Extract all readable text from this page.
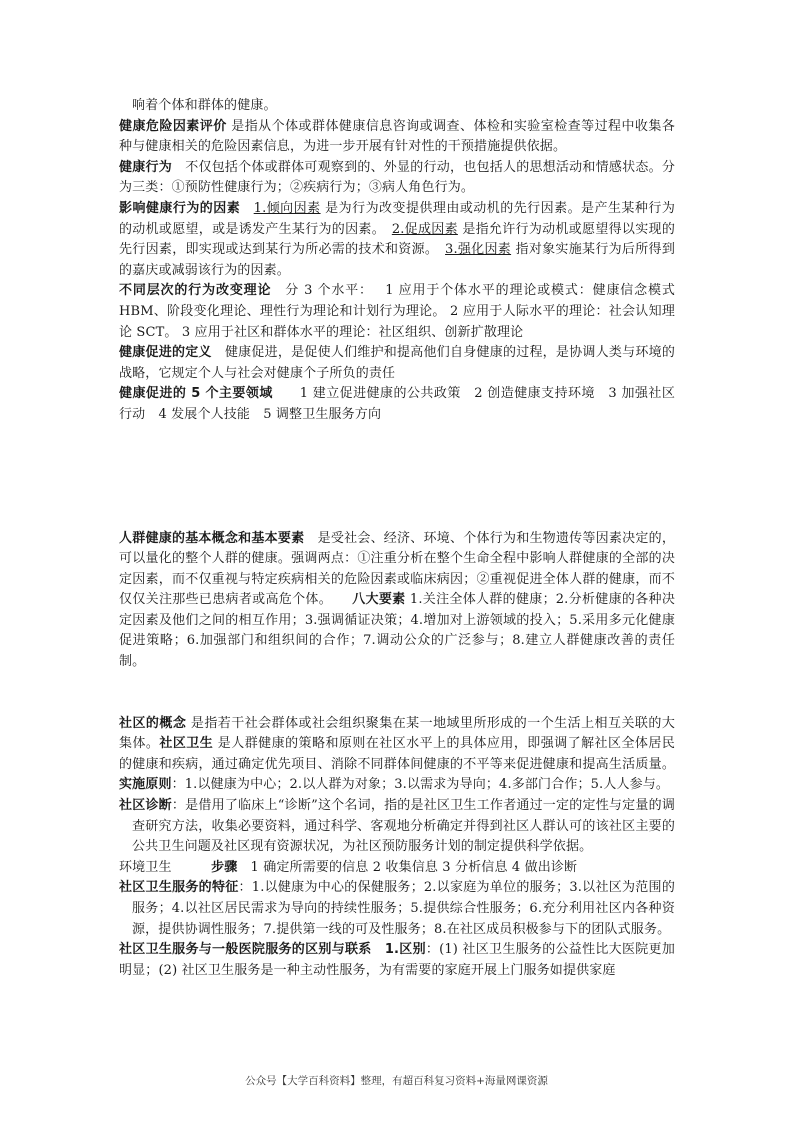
响着个体和群体的健康。

健康危险因素评价 是指从个体或群体健康信息咨询或调查、体检和实验室检查等过程中收集各种与健康相关的危险因素信息，为进一步开展有针对性的干预措施提供依据。

健康行为　 不仅包括个体或群体可观察到的、外显的行动，也包括人的思想活动和情感状态。分为三类：①预防性健康行为；②疾病行为；③病人角色行为。

影响健康行为的因素　 1.倾向因素 是为行为改变提供理由或动机的先行因素。是产生某种行为的动机或愿望，或是诱发产生某行为的因素。　 2.促成因素 是指允许行为动机或愿望得以实现的先行因素，即实现或达到某行为所必需的技术和资源。　 3.强化因素 指对象实施某行为后所得到的嘉庆或减弱该行为的因素。

不同层次的行为改变理论　 分 3 个水平：　 1 应用于个体水平的理论或模式：健康信念模式 HBM、阶段变化理论、理性行为理论和计划行为理论。 2 应用于人际水平的理论：社会认知理论 SCT。 3 应用于社区和群体水平的理论：社区组织、创新扩散理论

健康促进的定义　 健康促进，是促使人们维护和提高他们自身健康的过程，是协调人类与环境的战略，它规定个人与社会对健康个子所负的责任

健康促进的 5 个主要领域　　 1 建立促进健康的公共政策　2 创造健康支持环境　3 加强社区行动　4 发展个人技能　5 调整卫生服务方向

人群健康的基本概念和基本要素　 是受社会、经济、环境、个体行为和生物遗传等因素决定的，可以量化的整个人群的健康。强调两点：①注重分析在整个生命全程中影响人群健康的全部的决定因素，而不仅重视与特定疾病相关的危险因素或临床病因；②重视促进全体人群的健康，而不仅仅关注那些已患病者或高危个体。　　 八大要素 1.关注全体人群的健康；2.分析健康的各种决定因素及他们之间的相互作用；3.强调循证决策；4.增加对上游领域的投入；5.采用多元化健康促进策略；6.加强部门和组织间的合作；7.调动公众的广泛参与；8.建立人群健康改善的责任制。

社区的概念 是指若干社会群体或社会组织聚集在某一地域里所形成的一个生活上相互关联的大集体。社区卫生 是人群健康的策略和原则在社区水平上的具体应用，即强调了解社区全体居民的健康和疾病，通过确定优先项目、消除不同群体间健康的不平等来促进健康和提高生活质量。实施原则：1.以健康为中心；2.以人群为对象；3.以需求为导向；4.多部门合作；5.人人参与。

社区诊断：是借用了临床上“诊断”这个名词，指的是社区卫生工作者通过一定的定性与定量的调查研究方法，收集必要资料，通过科学、客观地分析确定并得到社区人群认可的该社区主要的公共卫生问题及社区现有资源状况，为社区预防服务计划的制定提供科学依据。

环境卫生　　　	步骤　 1 确定所需要的信息 2 收集信息 3 分析信息 4 做出诊断

社区卫生服务的特征：1.以健康为中心的保健服务；2.以家庭为单位的服务；3.以社区为范围的服务；4.以社区居民需求为导向的持续性服务；5.提供综合性服务；6.充分利用社区内各种资源，提供协调性服务；7.提供第一线的可及性服务；8.在社区成员积极参与下的团队式服务。

社区卫生服务与一般医院服务的区别与联系　 1.区别：(1) 社区卫生服务的公益性比大医院更加明显；(2) 社区卫生服务是一种主动性服务，为有需要的家庭开展上门服务如提供家庭

公众号【大学百科资料】整理，有超百科复习资料+海量网课资源
